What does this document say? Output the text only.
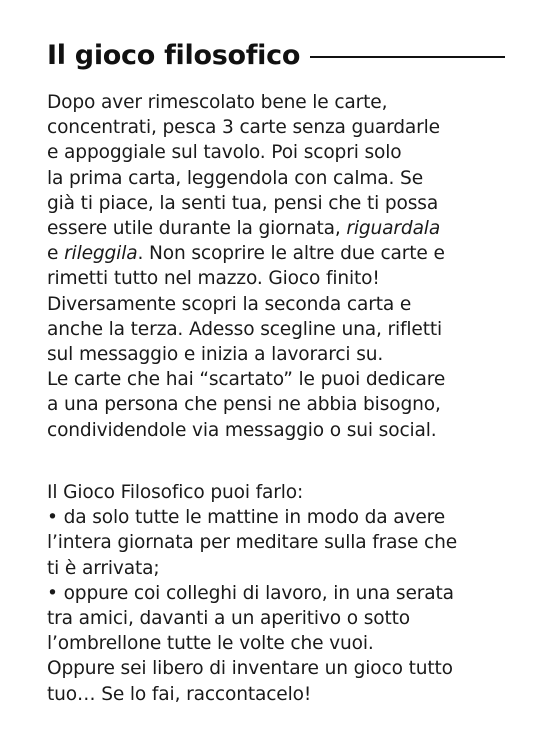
Il gioco filosofico
Dopo aver rimescolato bene le carte,
concentrati, pesca 3 carte senza guardarle
e appoggiale sul tavolo. Poi scopri solo
la prima carta, leggendola con calma. Se
già ti piace, la senti tua, pensi che ti possa
essere utile durante la giornata, riguardala
e rileggila. Non scoprire le altre due carte e
rimetti tutto nel mazzo. Gioco finito!
Diversamente scopri la seconda carta e
anche la terza. Adesso scegline una, rifletti
sul messaggio e inizia a lavorarci su.
Le carte che hai “scartato” le puoi dedicare
a una persona che pensi ne abbia bisogno,
condividendole via messaggio o sui social.
Il Gioco Filosofico puoi farlo:
• da solo tutte le mattine in modo da avere
l’intera giornata per meditare sulla frase che
ti è arrivata;
• oppure coi colleghi di lavoro, in una serata
tra amici, davanti a un aperitivo o sotto
l’ombrellone tutte le volte che vuoi.
Oppure sei libero di inventare un gioco tutto
tuo… Se lo fai, raccontacelo!
